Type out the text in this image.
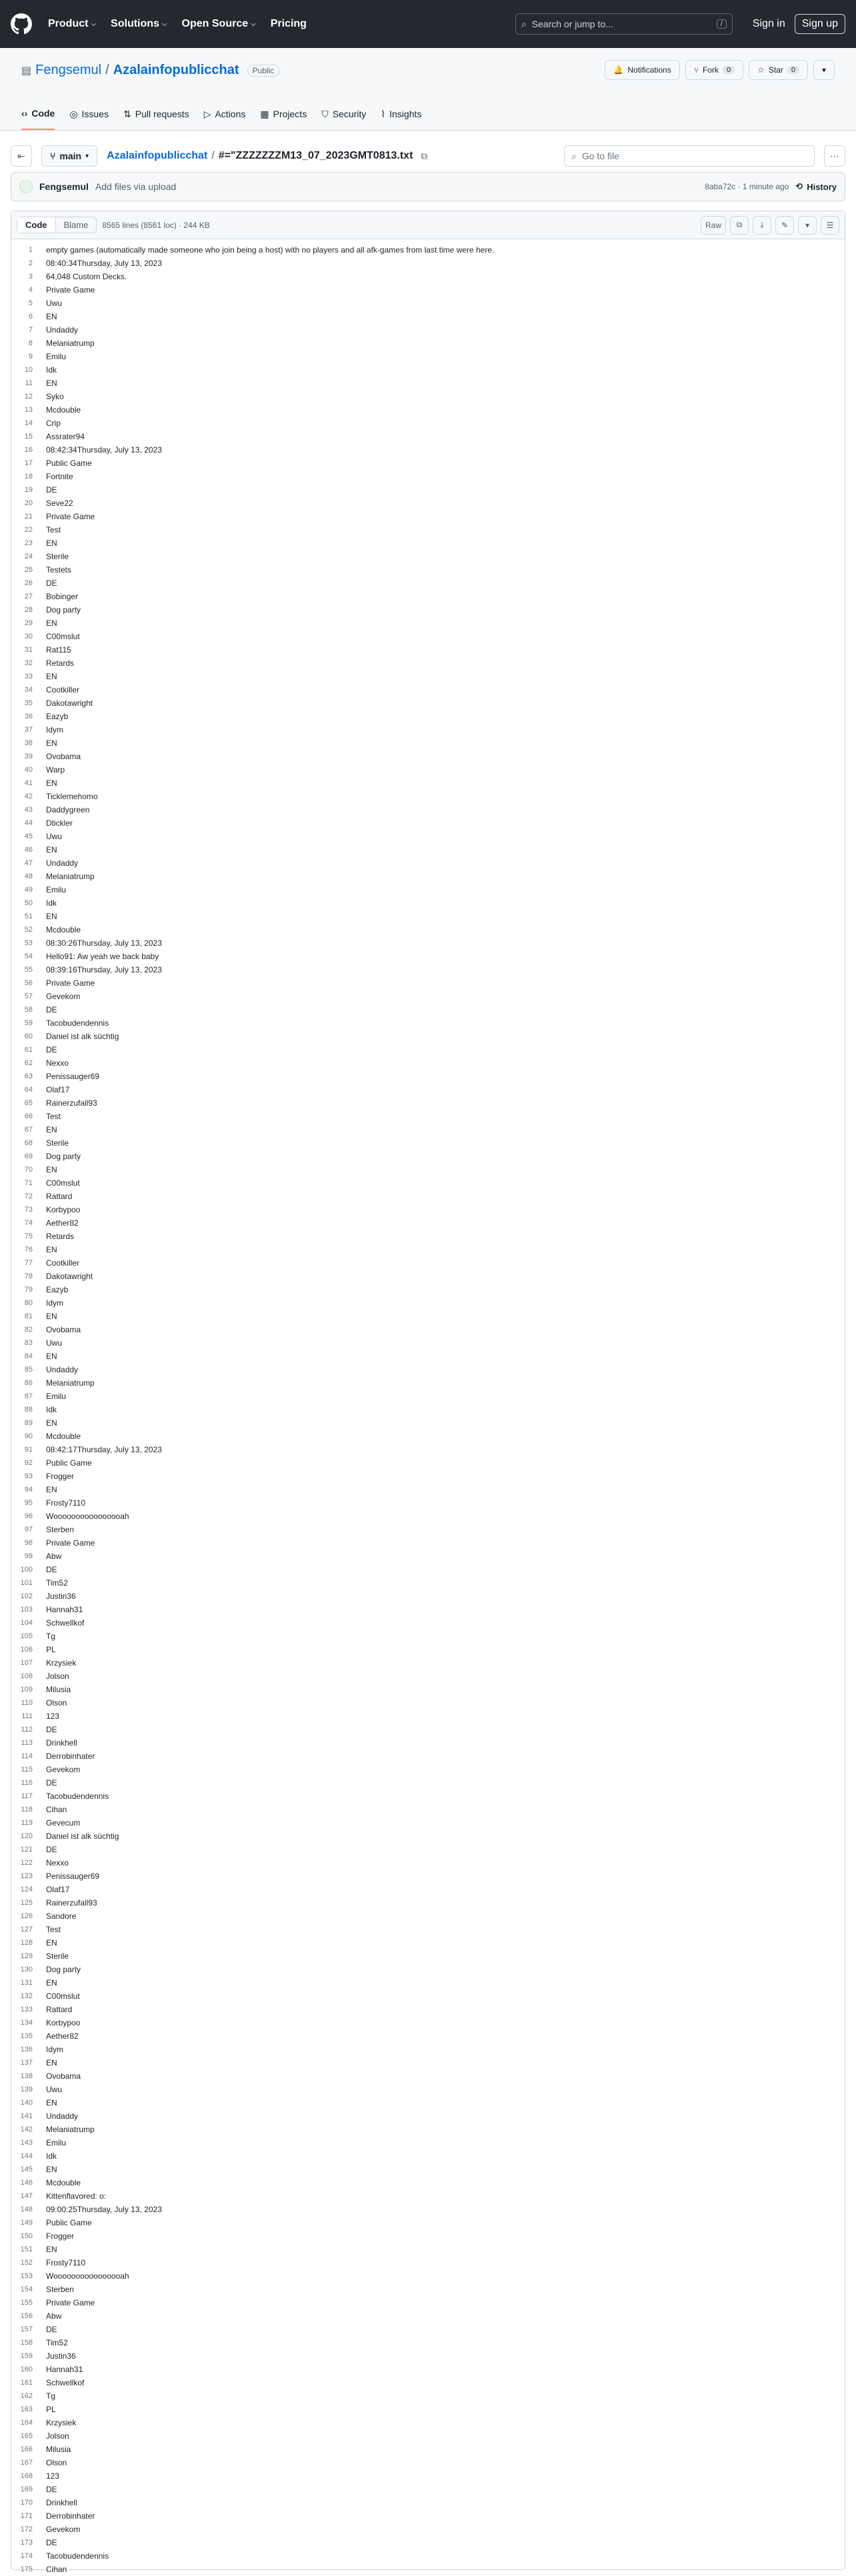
Product ⌵ Solutions ⌵ Open Source ⌵ Pricing	⌕ Search or jump to...	/	Sign in	Sign up
▤ Fengsemul / Azalainfopublicchat	Public	🔔 Notifications	⑂ Fork	0	☆ Star	0	▾
‹› Code ◎ Issues ⇅ Pull requests ▷ Actions ▦ Projects ⛉ Security ⌇ Insights
⇤	⑂ main ▾ Azalainfopublicchat / #="ZZZZZZZM13_07_2023GMT0813.txt ⧉	⌕ Go to file	⋯
Fengsemul Add files via upload	8aba72c · 1 minute ago ⟲ History
Code	Blame	8565 lines (8561 loc) · 244 KB	Raw	⧉	⤓	✎	▾	☰
1	empty games (automatically made someone who join being a host) with no players and all afk-games from last time were here.
2	08:40:34Thursday, July 13, 2023
3	64,048 Custom Decks.
4	Private Game
5	Uwu
6	EN
7	Undaddy
8	Melaniatrump
9	Emilu
10	Idk
11	EN
12	Syko
13	Mcdouble
14	Crip
15	Assrater94
16	08:42:34Thursday, July 13, 2023
17	Public Game
18	Fortnite
19	DE
20	Seve22
21	Private Game
22	Test
23	EN
24	Sterile
25	Testets
26	DE
27	Bobinger
28	Dog party
29	EN
30	C00mslut
31	Rat115
32	Retards
33	EN
34	Cootkiller
35	Dakotawright
36	Eazyb
37	Idym
38	EN
39	Ovobama
40	Warp
41	EN
42	Ticklemehomo
43	Daddygreen
44	Dtickler
45	Uwu
46	EN
47	Undaddy
48	Melaniatrump
49	Emilu
50	Idk
51	EN
52	Mcdouble
53	08:30:26Thursday, July 13, 2023
54	Hello91: Aw yeah we back baby
55	08:39:16Thursday, July 13, 2023
56	Private Game
57	Gevekom
58	DE
59	Tacobudendennis
60	Daniel ist alk süchtig
61	DE
62	Nexxo
63	Penissauger69
64	Olaf17
65	Rainerzufall93
66	Test
67	EN
68	Sterile
69	Dog party
70	EN
71	C00mslut
72	Rattard
73	Korbypoo
74	Aether82
75	Retards
76	EN
77	Cootkiller
78	Dakotawright
79	Eazyb
80	Idym
81	EN
82	Ovobama
83	Uwu
84	EN
85	Undaddy
86	Melaniatrump
87	Emilu
88	Idk
89	EN
90	Mcdouble
91	08:42:17Thursday, July 13, 2023
92	Public Game
93	Frogger
94	EN
95	Frosty7110
96	Woooooooooooooooah
97	Sterben
98	Private Game
99	Abw
100	DE
101	Tim52
102	Justin36
103	Hannah31
104	Schwellkof
105	Tg
106	PL
107	Krzysiek
108	Jolson
109	Milusia
110	Olson
111	123
112	DE
113	Drinkhell
114	Derrobinhater
115	Gevekom
116	DE
117	Tacobudendennis
118	Cihan
119	Gevecum
120	Daniel ist alk süchtig
121	DE
122	Nexxo
123	Penissauger69
124	Olaf17
125	Rainerzufall93
126	Sandore
127	Test
128	EN
129	Sterile
130	Dog party
131	EN
132	C00mslut
133	Rattard
134	Korbypoo
135	Aether82
136	Idym
137	EN
138	Ovobama
139	Uwu
140	EN
141	Undaddy
142	Melaniatrump
143	Emilu
144	Idk
145	EN
146	Mcdouble
147	Kittenflavored: o:
148	09:00:25Thursday, July 13, 2023
149	Public Game
150	Frogger
151	EN
152	Frosty7110
153	Woooooooooooooooah
154	Sterben
155	Private Game
156	Abw
157	DE
158	Tim52
159	Justin36
160	Hannah31
161	Schwellkof
162	Tg
163	PL
164	Krzysiek
165	Jolson
166	Milusia
167	Olson
168	123
169	DE
170	Drinkhell
171	Derrobinhater
172	Gevekom
173	DE
174	Tacobudendennis
175	Cihan
